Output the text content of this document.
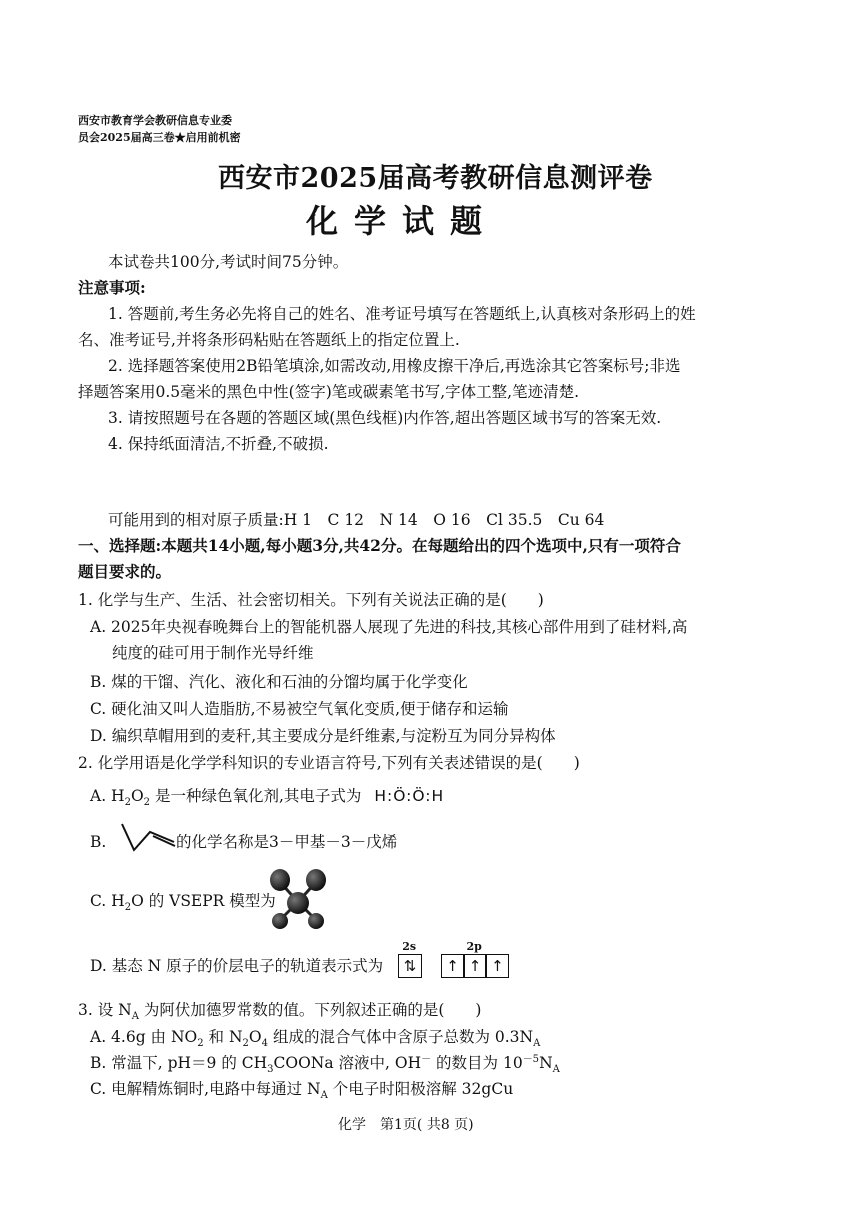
西安市教育学会教研信息专业委
员会2025届高三卷★启用前机密
西安市2025届高考教研信息测评卷
化学试题
本试卷共100分,考试时间75分钟。
注意事项:
1. 答题前,考生务必先将自己的姓名、准考证号填写在答题纸上,认真核对条形码上的姓
名、准考证号,并将条形码粘贴在答题纸上的指定位置上.
2. 选择题答案使用2B铅笔填涂,如需改动,用橡皮擦干净后,再选涂其它答案标号;非选
择题答案用0.5毫米的黑色中性(签字)笔或碳素笔书写,字体工整,笔迹清楚.
3. 请按照题号在各题的答题区域(黑色线框)内作答,超出答题区域书写的答案无效.
4. 保持纸面清洁,不折叠,不破损.
可能用到的相对原子质量:H 1　C 12　N 14　O 16　Cl 35.5　Cu 64
一、选择题:本题共14小题,每小题3分,共42分。在每题给出的四个选项中,只有一项符合
题目要求的。
1. 化学与生产、生活、社会密切相关。下列有关说法正确的是(　　)
A. 2025年央视春晚舞台上的智能机器人展现了先进的科技,其核心部件用到了硅材料,高
纯度的硅可用于制作光导纤维
B. 煤的干馏、汽化、液化和石油的分馏均属于化学变化
C. 硬化油又叫人造脂肪,不易被空气氧化变质,便于储存和运输
D. 编织草帽用到的麦秆,其主要成分是纤维素,与淀粉互为同分异构体
2. 化学用语是化学学科知识的专业语言符号,下列有关表述错误的是(　　)
A. $H_2O_2$ 是一种绿色氧化剂,其电子式为 H:Ö:Ö:H
B.	的化学名称是3－甲基－3－戊烯
C. $H_2O$ 的 VSEPR 模型为
D. 基态 N 原子的价层电子的轨道表示式为
2s
⇅
2p
↑ ↑ ↑
3. 设 $N_A$ 为阿伏加德罗常数的值。下列叙述正确的是(　　)
A. 4.6g 由 $NO_2$ 和 $N_2O_4$ 组成的混合气体中含原子总数为 $0.3N_A$
B. 常温下, pH＝9 的 $CH_3COONa$ 溶液中, OH－ 的数目为 $10^{-5}N_A$
C. 电解精炼铜时,电路中每通过 $N_A$ 个电子时阳极溶解 32gCu
化学　第1页( 共8 页)
